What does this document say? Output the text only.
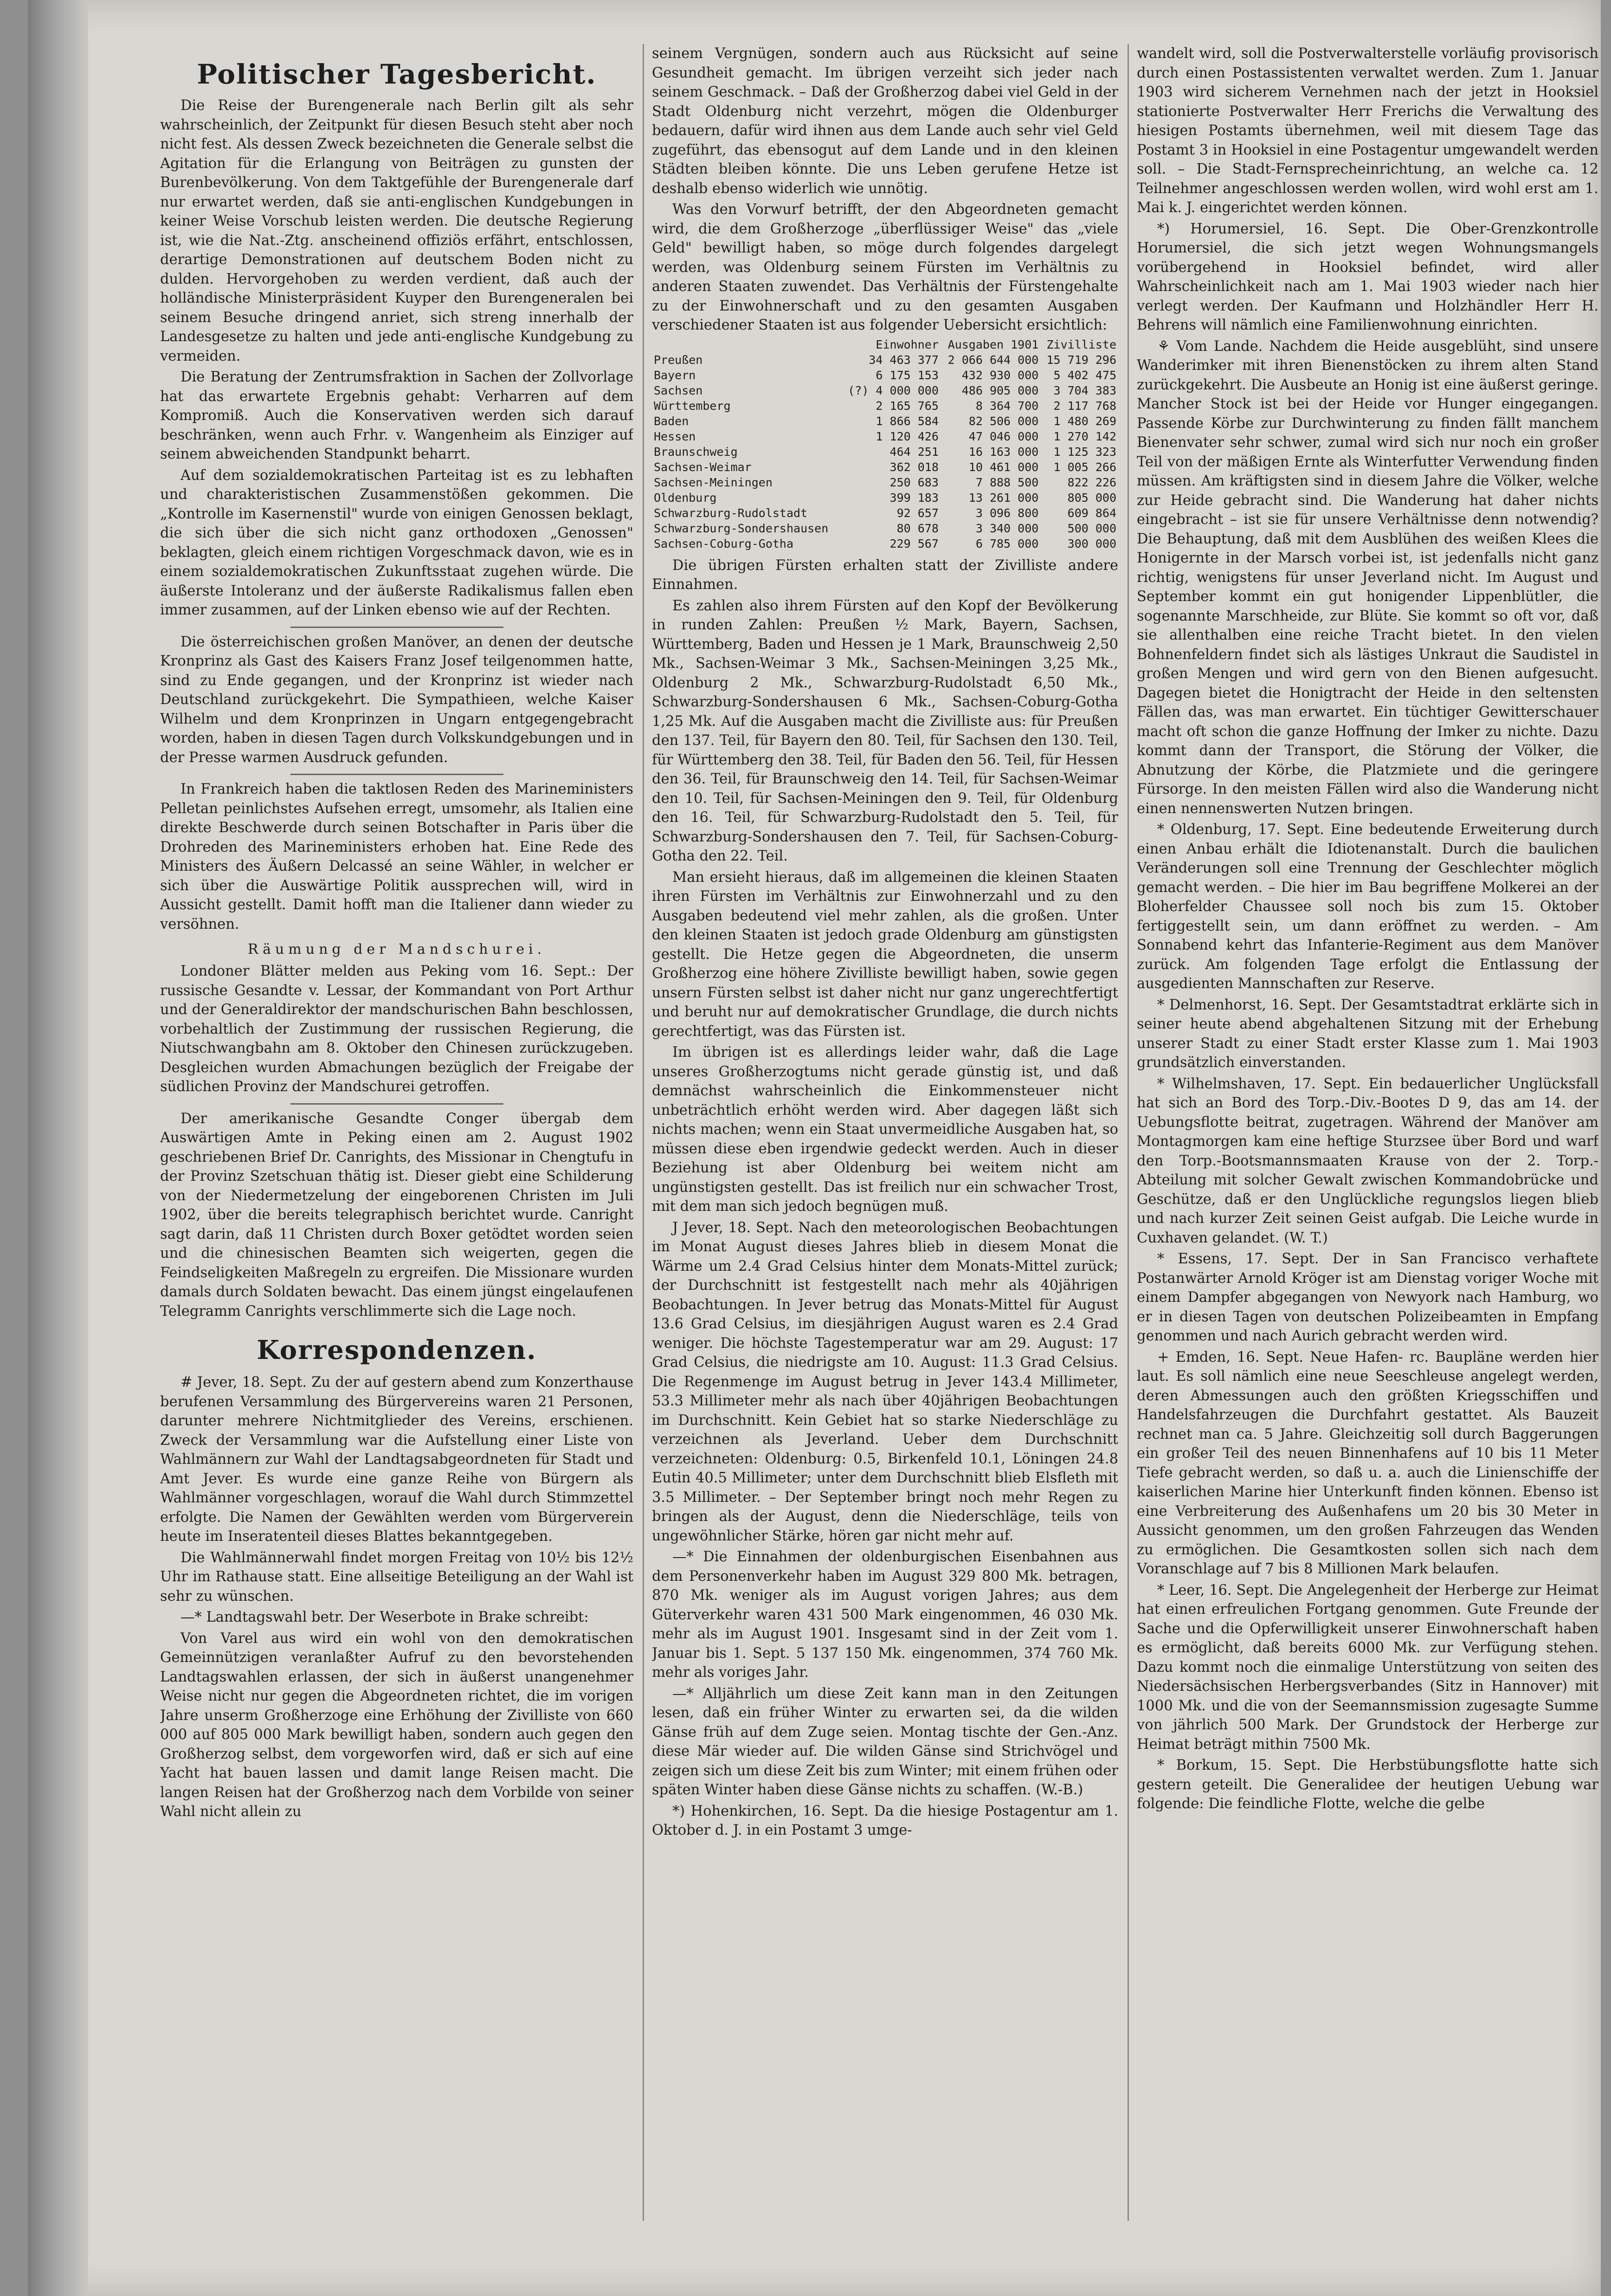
Politischer Tagesbericht.

Die Reise der Burengenerale nach Berlin gilt als sehr wahrscheinlich, der Zeitpunkt für diesen Besuch steht aber noch nicht fest. Als dessen Zweck bezeichneten die Generale selbst die Agitation für die Erlangung von Beiträgen zu gunsten der Burenbevölkerung. Von dem Taktgefühle der Burengenerale darf nur erwartet werden, daß sie anti-englischen Kundgebungen in keiner Weise Vorschub leisten werden. Die deutsche Regierung ist, wie die Nat.-Ztg. anscheinend offiziös erfährt, entschlossen, derartige Demonstrationen auf deutschem Boden nicht zu dulden. Hervorgehoben zu werden verdient, daß auch der holländische Ministerpräsident Kuyper den Burengeneralen bei seinem Besuche dringend anriet, sich streng innerhalb der Landesgesetze zu halten und jede anti-englische Kundgebung zu vermeiden.

Die Beratung der Zentrumsfraktion in Sachen der Zollvorlage hat das erwartete Ergebnis gehabt: Verharren auf dem Kompromiß. Auch die Konservativen werden sich darauf beschränken, wenn auch Frhr. v. Wangenheim als Einziger auf seinem abweichenden Standpunkt beharrt.

Auf dem sozialdemokratischen Parteitag ist es zu lebhaften und charakteristischen Zusammenstößen gekommen. Die „Kontrolle im Kasernenstil" wurde von einigen Genossen beklagt, die sich über die sich nicht ganz orthodoxen „Genossen" beklagten, gleich einem richtigen Vorgeschmack davon, wie es in einem sozialdemokratischen Zukunftsstaat zugehen würde. Die äußerste Intoleranz und der äußerste Radikalismus fallen eben immer zusammen, auf der Linken ebenso wie auf der Rechten.

Die österreichischen großen Manöver, an denen der deutsche Kronprinz als Gast des Kaisers Franz Josef teilgenommen hatte, sind zu Ende gegangen, und der Kronprinz ist wieder nach Deutschland zurückgekehrt. Die Sympathieen, welche Kaiser Wilhelm und dem Kronprinzen in Ungarn entgegengebracht worden, haben in diesen Tagen durch Volkskundgebungen und in der Presse warmen Ausdruck gefunden.

In Frankreich haben die taktlosen Reden des Marineministers Pelletan peinlichstes Aufsehen erregt, umsomehr, als Italien eine direkte Beschwerde durch seinen Botschafter in Paris über die Drohreden des Marineministers erhoben hat. Eine Rede des Ministers des Äußern Delcassé an seine Wähler, in welcher er sich über die Auswärtige Politik aussprechen will, wird in Aussicht gestellt. Damit hofft man die Italiener dann wieder zu versöhnen.

Räumung der Mandschurei.

Londoner Blätter melden aus Peking vom 16. Sept.: Der russische Gesandte v. Lessar, der Kommandant von Port Arthur und der Generaldirektor der mandschurischen Bahn beschlossen, vorbehaltlich der Zustimmung der russischen Regierung, die Niutschwangbahn am 8. Oktober den Chinesen zurückzugeben. Desgleichen wurden Abmachungen bezüglich der Freigabe der südlichen Provinz der Mandschurei getroffen.

Der amerikanische Gesandte Conger übergab dem Auswärtigen Amte in Peking einen am 2. August 1902 geschriebenen Brief Dr. Canrights, des Missionar in Chengtufu in der Provinz Szetschuan thätig ist. Dieser giebt eine Schilderung von der Niedermetzelung der eingeborenen Christen im Juli 1902, über die bereits telegraphisch berichtet wurde. Canright sagt darin, daß 11 Christen durch Boxer getödtet worden seien und die chinesischen Beamten sich weigerten, gegen die Feindseligkeiten Maßregeln zu ergreifen. Die Missionare wurden damals durch Soldaten bewacht. Das einem jüngst eingelaufenen Telegramm Canrights verschlimmerte sich die Lage noch.

Korrespondenzen.

# Jever, 18. Sept. Zu der auf gestern abend zum Konzerthause berufenen Versammlung des Bürgervereins waren 21 Personen, darunter mehrere Nichtmitglieder des Vereins, erschienen. Zweck der Versammlung war die Aufstellung einer Liste von Wahlmännern zur Wahl der Landtagsabgeordneten für Stadt und Amt Jever. Es wurde eine ganze Reihe von Bürgern als Wahlmänner vorgeschlagen, worauf die Wahl durch Stimmzettel erfolgte. Die Namen der Gewählten werden vom Bürgerverein heute im Inseratenteil dieses Blattes bekanntgegeben.

Die Wahlmännerwahl findet morgen Freitag von 10½ bis 12½ Uhr im Rathause statt. Eine allseitige Beteiligung an der Wahl ist sehr zu wünschen.

—* Landtagswahl betr. Der Weserbote in Brake schreibt:

Von Varel aus wird ein wohl von den demokratischen Gemeinnützigen veranlaßter Aufruf zu den bevorstehenden Landtagswahlen erlassen, der sich in äußerst unangenehmer Weise nicht nur gegen die Abgeordneten richtet, die im vorigen Jahre unserm Großherzoge eine Erhöhung der Zivilliste von 660 000 auf 805 000 Mark bewilligt haben, sondern auch gegen den Großherzog selbst, dem vorgeworfen wird, daß er sich auf eine Yacht hat bauen lassen und damit lange Reisen macht. Die langen Reisen hat der Großherzog nach dem Vorbilde von seiner Wahl nicht allein zu

seinem Vergnügen, sondern auch aus Rücksicht auf seine Gesundheit gemacht. Im übrigen verzeiht sich jeder nach seinem Geschmack. – Daß der Großherzog dabei viel Geld in der Stadt Oldenburg nicht verzehrt, mögen die Oldenburger bedauern, dafür wird ihnen aus dem Lande auch sehr viel Geld zugeführt, das ebensogut auf dem Lande und in den kleinen Städten bleiben könnte. Die uns Leben gerufene Hetze ist deshalb ebenso widerlich wie unnötig.

Was den Vorwurf betrifft, der den Abgeordneten gemacht wird, die dem Großherzoge „überflüssiger Weise" das „viele Geld" bewilligt haben, so möge durch folgendes dargelegt werden, was Oldenburg seinem Fürsten im Verhältnis zu anderen Staaten zuwendet. Das Verhältnis der Fürstengehalte zu der Einwohnerschaft und zu den gesamten Ausgaben verschiedener Staaten ist aus folgender Uebersicht ersichtlich:

	Einwohner	Ausgaben 1901	Zivilliste
Preußen	34 463 377	2 066 644 000	15 719 296
Bayern	6 175 153	432 930 000	5 402 475
Sachsen	(?) 4 000 000	486 905 000	3 704 383
Württemberg	2 165 765	8 364 700	2 117 768
Baden	1 866 584	82 506 000	1 480 269
Hessen	1 120 426	47 046 000	1 270 142
Braunschweig	464 251	16 163 000	1 125 323
Sachsen-Weimar	362 018	10 461 000	1 005 266
Sachsen-Meiningen	250 683	7 888 500	822 226
Oldenburg	399 183	13 261 000	805 000
Schwarzburg-Rudolstadt	92 657	3 096 800	609 864
Schwarzburg-Sondershausen	80 678	3 340 000	500 000
Sachsen-Coburg-Gotha	229 567	6 785 000	300 000

Die übrigen Fürsten erhalten statt der Zivilliste andere Einnahmen.

Es zahlen also ihrem Fürsten auf den Kopf der Bevölkerung in runden Zahlen: Preußen ½ Mark, Bayern, Sachsen, Württemberg, Baden und Hessen je 1 Mark, Braunschweig 2,50 Mk., Sachsen-Weimar 3 Mk., Sachsen-Meiningen 3,25 Mk., Oldenburg 2 Mk., Schwarzburg-Rudolstadt 6,50 Mk., Schwarzburg-Sondershausen 6 Mk., Sachsen-Coburg-Gotha 1,25 Mk. Auf die Ausgaben macht die Zivilliste aus: für Preußen den 137. Teil, für Bayern den 80. Teil, für Sachsen den 130. Teil, für Württemberg den 38. Teil, für Baden den 56. Teil, für Hessen den 36. Teil, für Braunschweig den 14. Teil, für Sachsen-Weimar den 10. Teil, für Sachsen-Meiningen den 9. Teil, für Oldenburg den 16. Teil, für Schwarzburg-Rudolstadt den 5. Teil, für Schwarzburg-Sondershausen den 7. Teil, für Sachsen-Coburg-Gotha den 22. Teil.

Man ersieht hieraus, daß im allgemeinen die kleinen Staaten ihren Fürsten im Verhältnis zur Einwohnerzahl und zu den Ausgaben bedeutend viel mehr zahlen, als die großen. Unter den kleinen Staaten ist jedoch grade Oldenburg am günstigsten gestellt. Die Hetze gegen die Abgeordneten, die unserm Großherzog eine höhere Zivilliste bewilligt haben, sowie gegen unsern Fürsten selbst ist daher nicht nur ganz ungerechtfertigt und beruht nur auf demokratischer Grundlage, die durch nichts gerechtfertigt, was das Fürsten ist.

Im übrigen ist es allerdings leider wahr, daß die Lage unseres Großherzogtums nicht gerade günstig ist, und daß demnächst wahrscheinlich die Einkommensteuer nicht unbeträchtlich erhöht werden wird. Aber dagegen läßt sich nichts machen; wenn ein Staat unvermeidliche Ausgaben hat, so müssen diese eben irgendwie gedeckt werden. Auch in dieser Beziehung ist aber Oldenburg bei weitem nicht am ungünstigsten gestellt. Das ist freilich nur ein schwacher Trost, mit dem man sich jedoch begnügen muß.

J Jever, 18. Sept. Nach den meteorologischen Beobachtungen im Monat August dieses Jahres blieb in diesem Monat die Wärme um 2.4 Grad Celsius hinter dem Monats-Mittel zurück; der Durchschnitt ist festgestellt nach mehr als 40jährigen Beobachtungen. In Jever betrug das Monats-Mittel für August 13.6 Grad Celsius, im diesjährigen August waren es 2.4 Grad weniger. Die höchste Tagestemperatur war am 29. August: 17 Grad Celsius, die niedrigste am 10. August: 11.3 Grad Celsius. Die Regenmenge im August betrug in Jever 143.4 Millimeter, 53.3 Millimeter mehr als nach über 40jährigen Beobachtungen im Durchschnitt. Kein Gebiet hat so starke Niederschläge zu verzeichnen als Jeverland. Ueber dem Durchschnitt verzeichneten: Oldenburg: 0.5, Birkenfeld 10.1, Löningen 24.8 Eutin 40.5 Millimeter; unter dem Durchschnitt blieb Elsfleth mit 3.5 Millimeter. – Der September bringt noch mehr Regen zu bringen als der August, denn die Niederschläge, teils von ungewöhnlicher Stärke, hören gar nicht mehr auf.

—* Die Einnahmen der oldenburgischen Eisenbahnen aus dem Personenverkehr haben im August 329 800 Mk. betragen, 870 Mk. weniger als im August vorigen Jahres; aus dem Güterverkehr waren 431 500 Mark eingenommen, 46 030 Mk. mehr als im August 1901. Insgesamt sind in der Zeit vom 1. Januar bis 1. Sept. 5 137 150 Mk. eingenommen, 374 760 Mk. mehr als voriges Jahr.

—* Alljährlich um diese Zeit kann man in den Zeitungen lesen, daß ein früher Winter zu erwarten sei, da die wilden Gänse früh auf dem Zuge seien. Montag tischte der Gen.-Anz. diese Mär wieder auf. Die wilden Gänse sind Strichvögel und zeigen sich um diese Zeit bis zum Winter; mit einem frühen oder späten Winter haben diese Gänse nichts zu schaffen. (W.-B.)

*) Hohenkirchen, 16. Sept. Da die hiesige Postagentur am 1. Oktober d. J. in ein Postamt 3 umge-

wandelt wird, soll die Postverwalterstelle vorläufig provisorisch durch einen Postassistenten verwaltet werden. Zum 1. Januar 1903 wird sicherem Vernehmen nach der jetzt in Hooksiel stationierte Postverwalter Herr Frerichs die Verwaltung des hiesigen Postamts übernehmen, weil mit diesem Tage das Postamt 3 in Hooksiel in eine Postagentur umgewandelt werden soll. – Die Stadt-Fernsprecheinrichtung, an welche ca. 12 Teilnehmer angeschlossen werden wollen, wird wohl erst am 1. Mai k. J. eingerichtet werden können.

*) Horumersiel, 16. Sept. Die Ober-Grenzkontrolle Horumersiel, die sich jetzt wegen Wohnungsmangels vorübergehend in Hooksiel befindet, wird aller Wahrscheinlichkeit nach am 1. Mai 1903 wieder nach hier verlegt werden. Der Kaufmann und Holzhändler Herr H. Behrens will nämlich eine Familienwohnung einrichten.

⚘ Vom Lande. Nachdem die Heide ausgeblüht, sind unsere Wanderimker mit ihren Bienenstöcken zu ihrem alten Stand zurückgekehrt. Die Ausbeute an Honig ist eine äußerst geringe. Mancher Stock ist bei der Heide vor Hunger eingegangen. Passende Körbe zur Durchwinterung zu finden fällt manchem Bienenvater sehr schwer, zumal wird sich nur noch ein großer Teil von der mäßigen Ernte als Winterfutter Verwendung finden müssen. Am kräftigsten sind in diesem Jahre die Völker, welche zur Heide gebracht sind. Die Wanderung hat daher nichts eingebracht – ist sie für unsere Verhältnisse denn notwendig? Die Behauptung, daß mit dem Ausblühen des weißen Klees die Honigernte in der Marsch vorbei ist, ist jedenfalls nicht ganz richtig, wenigstens für unser Jeverland nicht. Im August und September kommt ein gut honigender Lippenblütler, die sogenannte Marschheide, zur Blüte. Sie kommt so oft vor, daß sie allenthalben eine reiche Tracht bietet. In den vielen Bohnenfeldern findet sich als lästiges Unkraut die Saudistel in großen Mengen und wird gern von den Bienen aufgesucht. Dagegen bietet die Honigtracht der Heide in den seltensten Fällen das, was man erwartet. Ein tüchtiger Gewitterschauer macht oft schon die ganze Hoffnung der Imker zu nichte. Dazu kommt dann der Transport, die Störung der Völker, die Abnutzung der Körbe, die Platzmiete und die geringere Fürsorge. In den meisten Fällen wird also die Wanderung nicht einen nennenswerten Nutzen bringen.

* Oldenburg, 17. Sept. Eine bedeutende Erweiterung durch einen Anbau erhält die Idiotenanstalt. Durch die baulichen Veränderungen soll eine Trennung der Geschlechter möglich gemacht werden. – Die hier im Bau begriffene Molkerei an der Bloherfelder Chaussee soll noch bis zum 15. Oktober fertiggestellt sein, um dann eröffnet zu werden. – Am Sonnabend kehrt das Infanterie-Regiment aus dem Manöver zurück. Am folgenden Tage erfolgt die Entlassung der ausgedienten Mannschaften zur Reserve.

* Delmenhorst, 16. Sept. Der Gesamtstadtrat erklärte sich in seiner heute abend abgehaltenen Sitzung mit der Erhebung unserer Stadt zu einer Stadt erster Klasse zum 1. Mai 1903 grundsätzlich einverstanden.

* Wilhelmshaven, 17. Sept. Ein bedauerlicher Unglücksfall hat sich an Bord des Torp.-Div.-Bootes D 9, das am 14. der Uebungsflotte beitrat, zugetragen. Während der Manöver am Montagmorgen kam eine heftige Sturzsee über Bord und warf den Torp.-Bootsmannsmaaten Krause von der 2. Torp.-Abteilung mit solcher Gewalt zwischen Kommandobrücke und Geschütze, daß er den Unglückliche regungslos liegen blieb und nach kurzer Zeit seinen Geist aufgab. Die Leiche wurde in Cuxhaven gelandet. (W. T.)

* Essens, 17. Sept. Der in San Francisco verhaftete Postanwärter Arnold Kröger ist am Dienstag voriger Woche mit einem Dampfer abgegangen von Newyork nach Hamburg, wo er in diesen Tagen von deutschen Polizeibeamten in Empfang genommen und nach Aurich gebracht werden wird.

+ Emden, 16. Sept. Neue Hafen- rc. Baupläne werden hier laut. Es soll nämlich eine neue Seeschleuse angelegt werden, deren Abmessungen auch den größten Kriegsschiffen und Handelsfahrzeugen die Durchfahrt gestattet. Als Bauzeit rechnet man ca. 5 Jahre. Gleichzeitig soll durch Baggerungen ein großer Teil des neuen Binnenhafens auf 10 bis 11 Meter Tiefe gebracht werden, so daß u. a. auch die Linienschiffe der kaiserlichen Marine hier Unterkunft finden können. Ebenso ist eine Verbreiterung des Außenhafens um 20 bis 30 Meter in Aussicht genommen, um den großen Fahrzeugen das Wenden zu ermöglichen. Die Gesamtkosten sollen sich nach dem Voranschlage auf 7 bis 8 Millionen Mark belaufen.

* Leer, 16. Sept. Die Angelegenheit der Herberge zur Heimat hat einen erfreulichen Fortgang genommen. Gute Freunde der Sache und die Opferwilligkeit unserer Einwohnerschaft haben es ermöglicht, daß bereits 6000 Mk. zur Verfügung stehen. Dazu kommt noch die einmalige Unterstützung von seiten des Niedersächsischen Herbergsverbandes (Sitz in Hannover) mit 1000 Mk. und die von der Seemannsmission zugesagte Summe von jährlich 500 Mark. Der Grundstock der Herberge zur Heimat beträgt mithin 7500 Mk.

* Borkum, 15. Sept. Die Herbstübungsflotte hatte sich gestern geteilt. Die Generalidee der heutigen Uebung war folgende: Die feindliche Flotte, welche die gelbe
